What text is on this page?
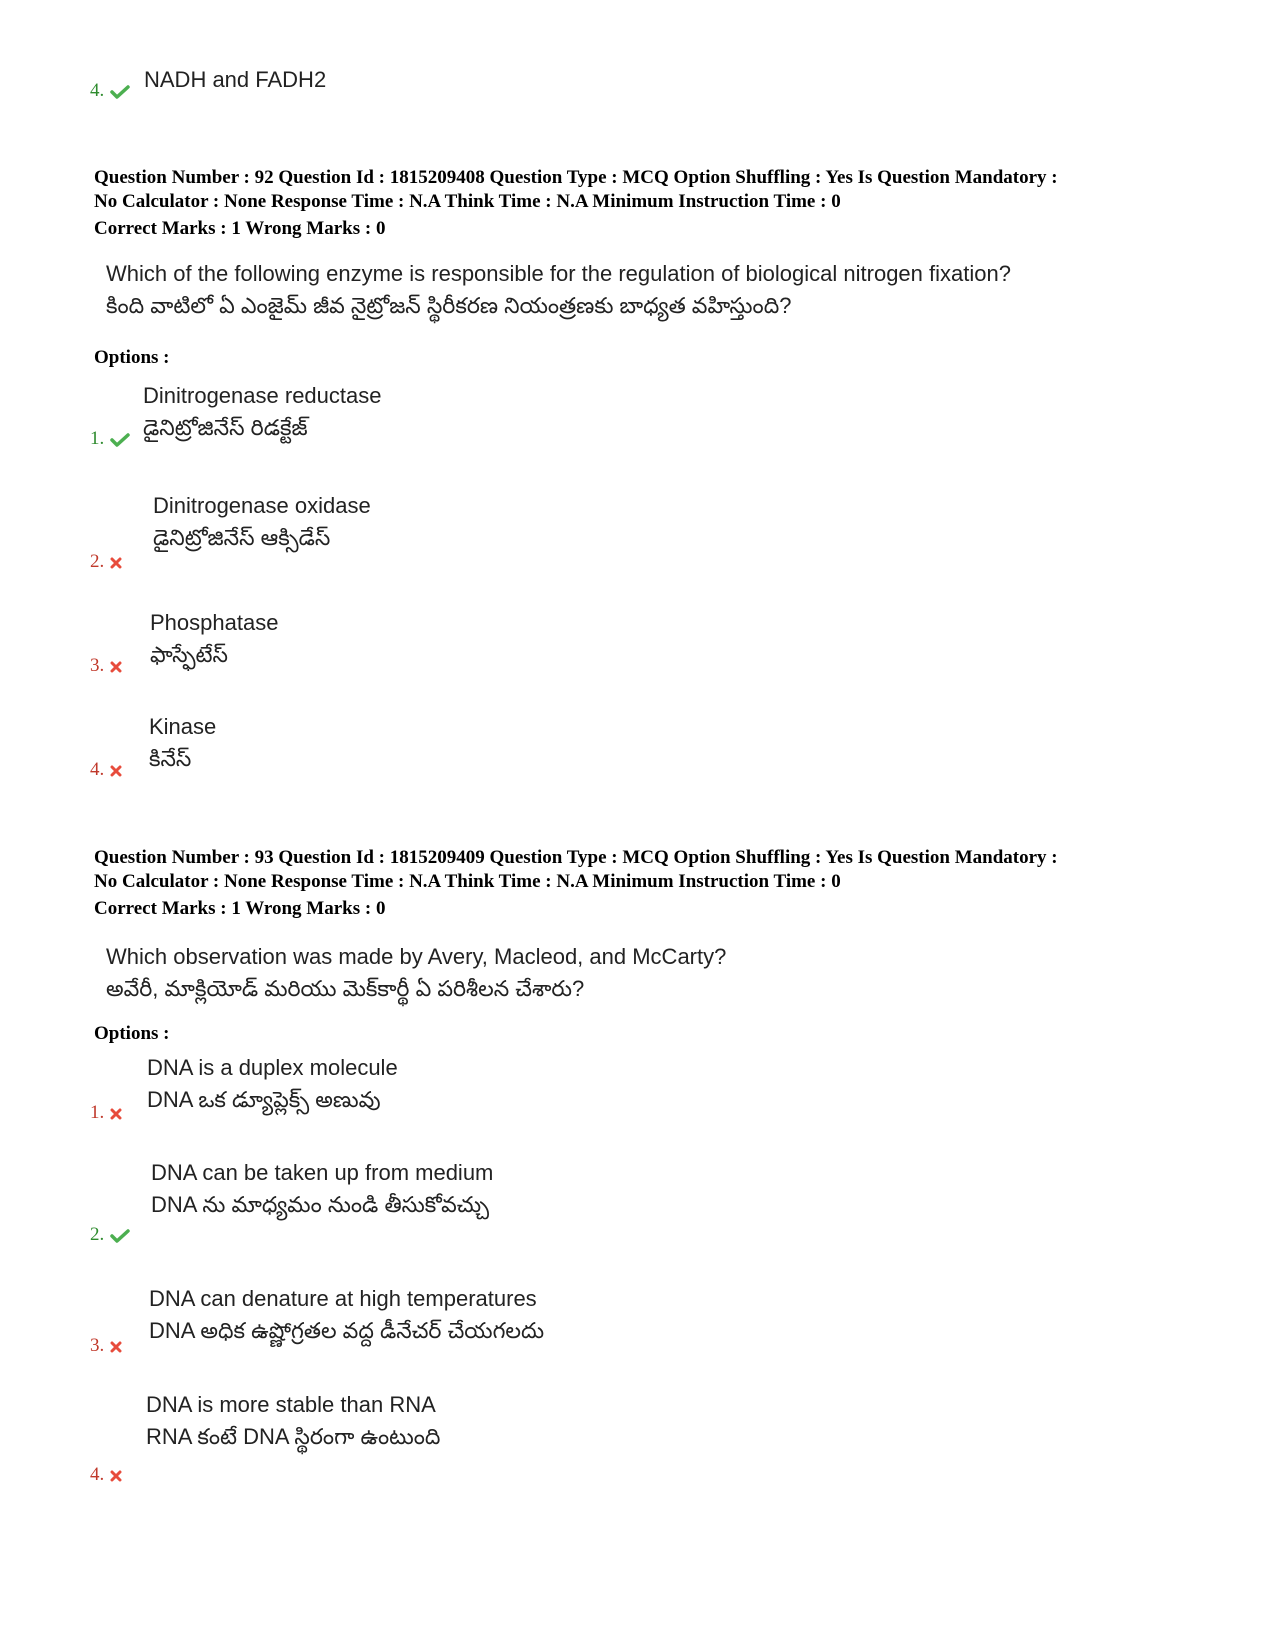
4.	NADH and FADH2
Question Number : 92 Question Id : 1815209408 Question Type : MCQ Option Shuffling : Yes Is Question Mandatory :
No Calculator : None Response Time : N.A Think Time : N.A Minimum Instruction Time : 0
Correct Marks : 1 Wrong Marks : 0
Which of the following enzyme is responsible for the regulation of biological nitrogen fixation?
కింది వాటిలో ఏ ఎంజైమ్ జీవ నైట్రోజన్ స్థిరీకరణ నియంత్రణకు బాధ్యత వహిస్తుంది?
Options :
Dinitrogenase reductase
డైనిట్రోజినేస్ రిడక్టేజ్
1.
Dinitrogenase oxidase
డైనిట్రోజినేస్ ఆక్సిడేస్
2.
Phosphatase
ఫాస్ఫేటేస్
3.
Kinase
కినేస్
4.
Question Number : 93 Question Id : 1815209409 Question Type : MCQ Option Shuffling : Yes Is Question Mandatory :
No Calculator : None Response Time : N.A Think Time : N.A Minimum Instruction Time : 0
Correct Marks : 1 Wrong Marks : 0
Which observation was made by Avery, Macleod, and McCarty?
అవేరీ, మాక్లియోడ్ మరియు మెక్‌కార్థీ ఏ పరిశీలన చేశారు?
Options :
DNA is a duplex molecule
DNA ఒక డ్యూప్లెక్స్ అణువు
1.
DNA can be taken up from medium
DNA ను మాధ్యమం నుండి తీసుకోవచ్చు
2.
DNA can denature at high temperatures
DNA అధిక ఉష్ణోగ్రతల వద్ద డీనేచర్ చేయగలదు
3.
DNA is more stable than RNA
RNA కంటే DNA స్థిరంగా ఉంటుంది
4.
